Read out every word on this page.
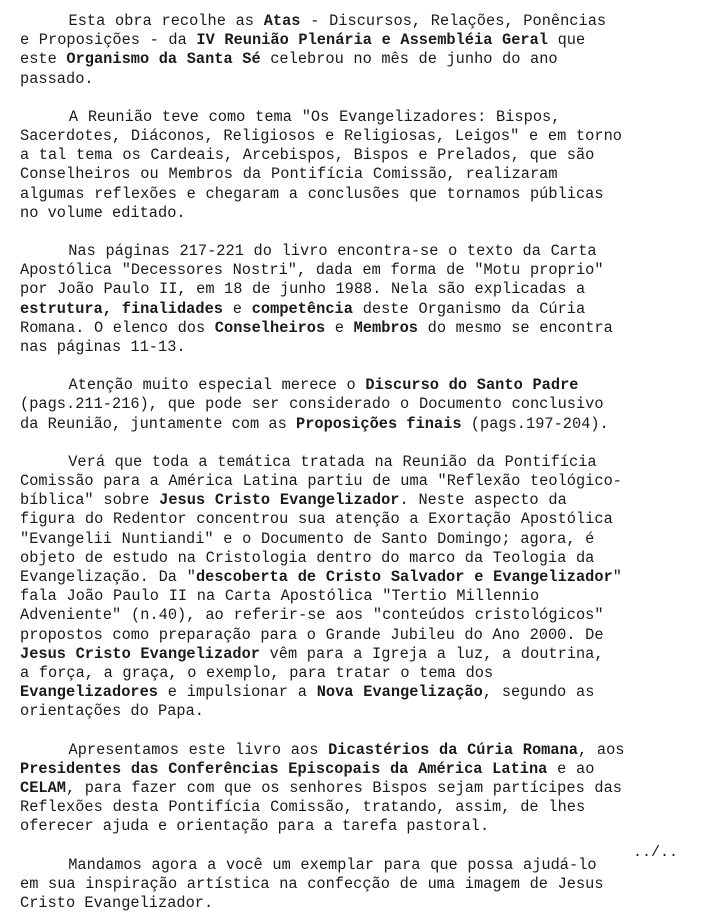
Esta obra recolhe as Atas - Discursos, Relações, Ponências
e Proposições - da IV Reunião Plenária e Assembléia Geral que
este Organismo da Santa Sé celebrou no mês de junho do ano
passado.
A Reunião teve como tema "Os Evangelizadores: Bispos,
Sacerdotes, Diáconos, Religiosos e Religiosas, Leigos" e em torno
a tal tema os Cardeais, Arcebispos, Bispos e Prelados, que são
Conselheiros ou Membros da Pontifícia Comissão, realizaram
algumas reflexões e chegaram a conclusões que tornamos públicas
no volume editado.
Nas páginas 217-221 do livro encontra-se o texto da Carta
Apostólica "Decessores Nostri", dada em forma de "Motu proprio"
por João Paulo II, em 18 de junho 1988. Nela são explicadas a
estrutura, finalidades e competência deste Organismo da Cúria
Romana. O elenco dos Conselheiros e Membros do mesmo se encontra
nas páginas 11-13.
Atenção muito especial merece o Discurso do Santo Padre
(pags.211-216), que pode ser considerado o Documento conclusivo
da Reunião, juntamente com as Proposições finais (pags.197-204).
Verá que toda a temática tratada na Reunião da Pontifícia
Comissão para a América Latina partiu de uma "Reflexão teológico-
bíblica" sobre Jesus Cristo Evangelizador. Neste aspecto da
figura do Redentor concentrou sua atenção a Exortação Apostólica
"Evangelii Nuntiandi" e o Documento de Santo Domingo; agora, é
objeto de estudo na Cristologia dentro do marco da Teologia da
Evangelização. Da "descoberta de Cristo Salvador e Evangelizador"
fala João Paulo II na Carta Apostólica "Tertio Millennio
Adveniente" (n.40), ao referir-se aos "conteúdos cristológicos"
propostos como preparação para o Grande Jubileu do Ano 2000. De
Jesus Cristo Evangelizador vêm para a Igreja a luz, a doutrina,
a força, a graça, o exemplo, para tratar o tema dos
Evangelizadores e impulsionar a Nova Evangelização, segundo as
orientações do Papa.
Apresentamos este livro aos Dicastérios da Cúria Romana, aos
Presidentes das Conferências Episcopais da América Latina e ao
CELAM, para fazer com que os senhores Bispos sejam partícipes das
Reflexões desta Pontifícia Comissão, tratando, assim, de lhes
oferecer ajuda e orientação para a tarefa pastoral.
Mandamos agora a você um exemplar para que possa ajudá-lo
em sua inspiração artística na confecção de uma imagem de Jesus
Cristo Evangelizador.
../..
